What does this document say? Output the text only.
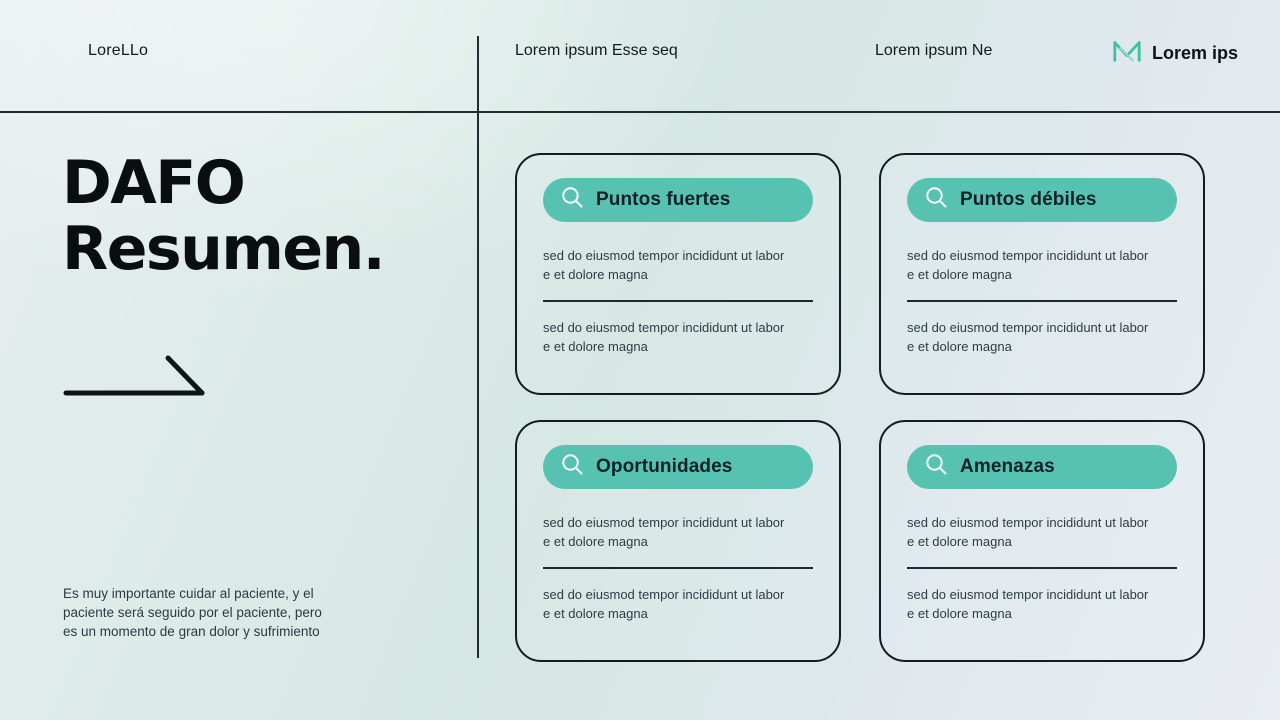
LoreLLo	Lorem ipsum Esse seq	Lorem ipsum Ne	Lorem ips
DAFO
Resumen.

Es muy importante cuidar al paciente, y el
paciente será seguido por el paciente, pero
es un momento de gran dolor y sufrimiento

Puntos fuertes

sed do eiusmod tempor incididunt ut labor
e et dolore magna

sed do eiusmod tempor incididunt ut labor
e et dolore magna

Puntos débiles

sed do eiusmod tempor incididunt ut labor
e et dolore magna

sed do eiusmod tempor incididunt ut labor
e et dolore magna

Oportunidades

sed do eiusmod tempor incididunt ut labor
e et dolore magna

sed do eiusmod tempor incididunt ut labor
e et dolore magna

Amenazas

sed do eiusmod tempor incididunt ut labor
e et dolore magna

sed do eiusmod tempor incididunt ut labor
e et dolore magna
